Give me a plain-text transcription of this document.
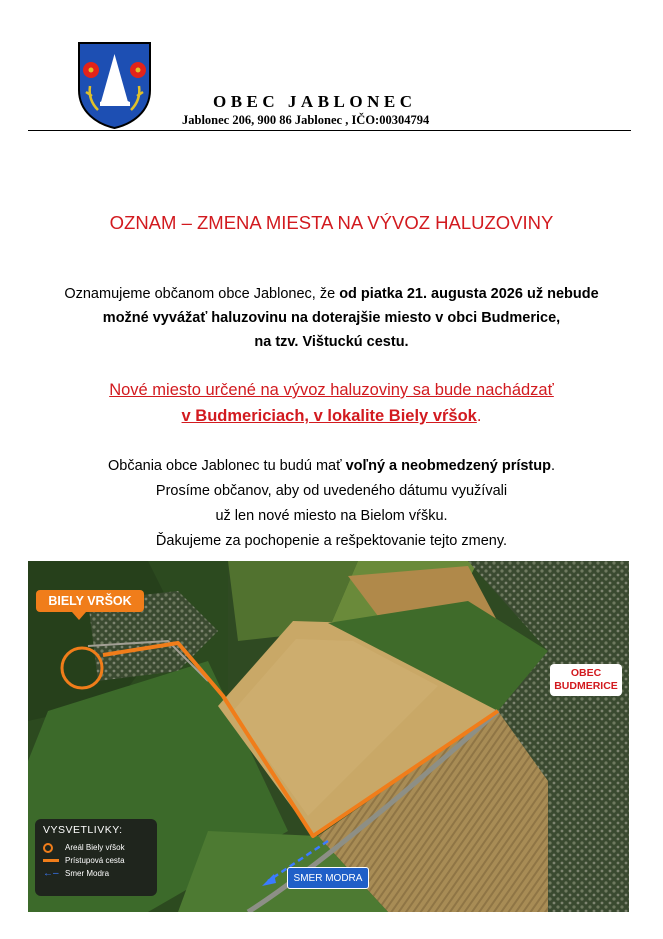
OBEC JABLONEC
Jablonec 206, 900 86 Jablonec , IČO:00304794
OZNAM – ZMENA MIESTA NA VÝVOZ HALUZOVINY
Oznamujeme občanom obce Jablonec, že od piatka 21. augusta 2026 už nebude
možné vyvážať haluzovinu na doterajšie miesto v obci Budmerice,
na tzv. Vištuckú cestu.
Nové miesto určené na vývoz haluzoviny sa bude nachádzať
v Budmericiach, v lokalite Biely vŕšok.
Občania obce Jablonec tu budú mať voľný a neobmedzený prístup.
Prosíme občanov, aby od uvedeného dátumu využívali
už len nové miesto na Bielom vŕšku.
Ďakujeme za pochopenie a rešpektovanie tejto zmeny.
BIELY VRŠOK
OBEC
BUDMERICE
SMER MODRA
VYSVETLIVKY:
Areál Biely vŕšok
Prístupová cesta
←– Smer Modra
